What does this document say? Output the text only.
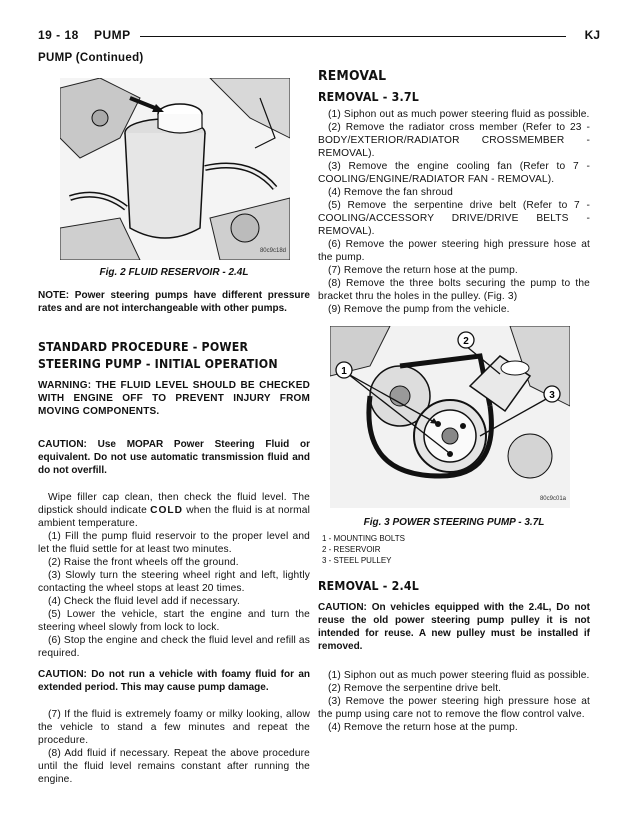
19 - 18 PUMP	KJ
PUMP (Continued)
80c9c18d
Fig. 2 FLUID RESERVOIR - 2.4L
NOTE: Power steering pumps have different pressure rates and are not interchangeable with other pumps.
STANDARD PROCEDURE - POWER STEERING PUMP - INITIAL OPERATION
WARNING: THE FLUID LEVEL SHOULD BE CHECKED WITH ENGINE OFF TO PREVENT INJURY FROM MOVING COMPONENTS.
CAUTION: Use MOPAR Power Steering Fluid or equivalent. Do not use automatic transmission fluid and do not overfill.

Wipe filler cap clean, then check the fluid level. The dipstick should indicate COLD when the fluid is at normal ambient temperature.

(1) Fill the pump fluid reservoir to the proper level and let the fluid settle for at least two minutes.

(2) Raise the front wheels off the ground.

(3) Slowly turn the steering wheel right and left, lightly contacting the wheel stops at least 20 times.

(4) Check the fluid level add if necessary.

(5) Lower the vehicle, start the engine and turn the steering wheel slowly from lock to lock.

(6) Stop the engine and check the fluid level and refill as required.

CAUTION: Do not run a vehicle with foamy fluid for an extended period. This may cause pump damage.

(7) If the fluid is extremely foamy or milky looking, allow the vehicle to stand a few minutes and repeat the procedure.

(8) Add fluid if necessary. Repeat the above procedure until the fluid level remains constant after running the engine.

REMOVAL
REMOVAL - 3.7L

(1) Siphon out as much power steering fluid as possible.

(2) Remove the radiator cross member (Refer to 23 - BODY/EXTERIOR/RADIATOR CROSSMEMBER - REMOVAL).

(3) Remove the engine cooling fan (Refer to 7 - COOLING/ENGINE/RADIATOR FAN - REMOVAL).

(4) Remove the fan shroud

(5) Remove the serpentine drive belt (Refer to 7 - COOLING/ACCESSORY DRIVE/DRIVE BELTS - REMOVAL).

(6) Remove the power steering high pressure hose at the pump.

(7) Remove the return hose at the pump.

(8) Remove the three bolts securing the pump to the bracket thru the holes in the pulley. (Fig. 3)

(9) Remove the pump from the vehicle.

1
2
3
80c9c01a
Fig. 3 POWER STEERING PUMP - 3.7L
1 - MOUNTING BOLTS
2 - RESERVOIR
3 - STEEL PULLEY
REMOVAL - 2.4L
CAUTION: On vehicles equipped with the 2.4L, Do not reuse the old power steering pump pulley it is not intended for reuse. A new pulley must be installed if removed.

(1) Siphon out as much power steering fluid as possible.

(2) Remove the serpentine drive belt.

(3) Remove the power steering high pressure hose at the pump using care not to remove the flow control valve.

(4) Remove the return hose at the pump.
